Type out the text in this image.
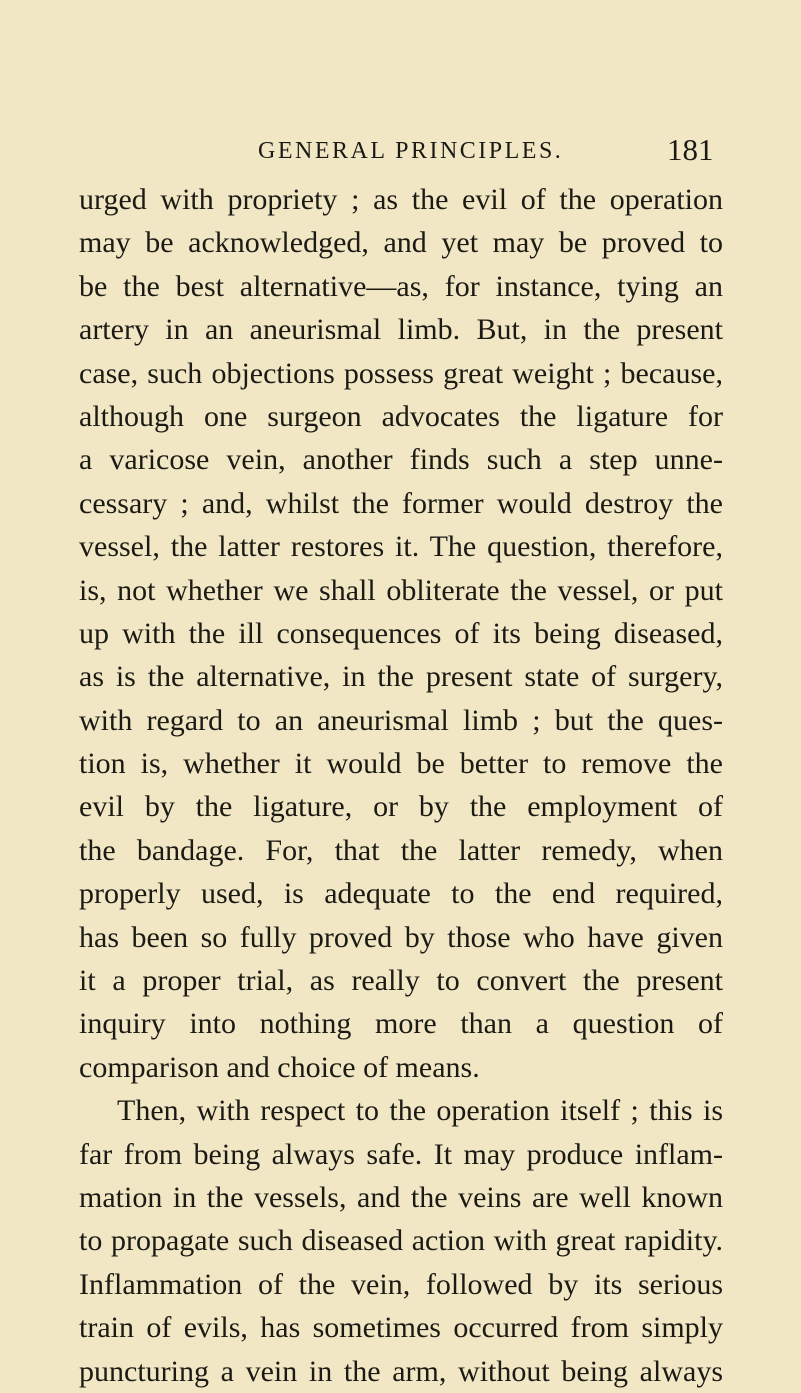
GENERAL PRINCIPLES.	181
urged with propriety ; as the evil of the operation
may be acknowledged, and yet may be proved to
be the best alternative—as, for instance, tying an
artery in an aneurismal limb. But, in the present
case, such objections possess great weight ; because,
although one surgeon advocates the ligature for
a varicose vein, another finds such a step unne-
cessary ; and, whilst the former would destroy the
vessel, the latter restores it. The question, therefore,
is, not whether we shall obliterate the vessel, or put
up with the ill consequences of its being diseased,
as is the alternative, in the present state of surgery,
with regard to an aneurismal limb ; but the ques-
tion is, whether it would be better to remove the
evil by the ligature, or by the employment of
the bandage. For, that the latter remedy, when
properly used, is adequate to the end required,
has been so fully proved by those who have given
it a proper trial, as really to convert the present
inquiry into nothing more than a question of
comparison and choice of means.
Then, with respect to the operation itself ; this is
far from being always safe. It may produce inflam-
mation in the vessels, and the veins are well known
to propagate such diseased action with great rapidity.
Inflammation of the vein, followed by its serious
train of evils, has sometimes occurred from simply
puncturing a vein in the arm, without being always
